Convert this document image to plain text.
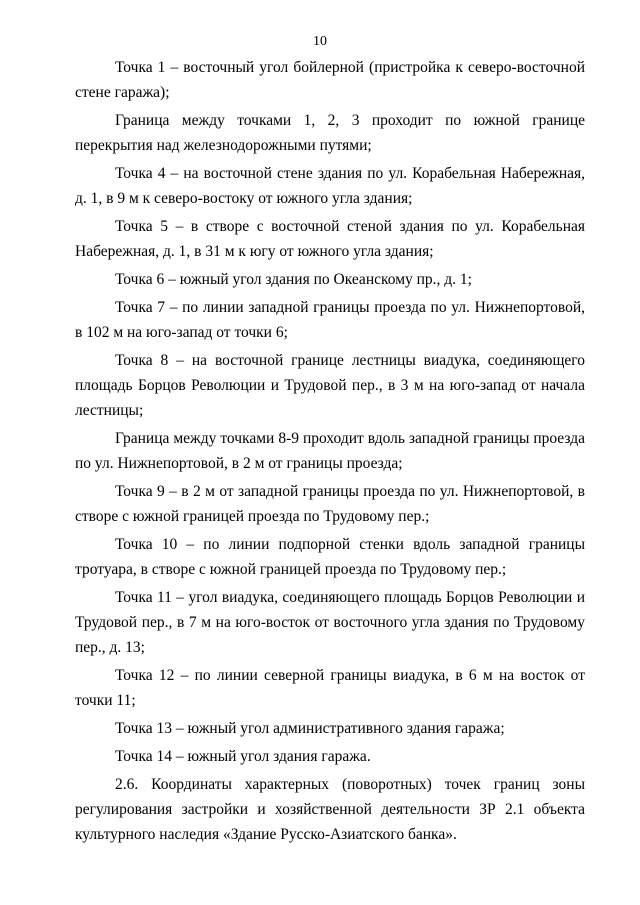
10

Точка 1 – восточный угол бойлерной (пристройка к северо-восточной стене гаража);

Граница между точками 1, 2, 3 проходит по южной границе перекрытия над железнодорожными путями;

Точка 4 – на восточной стене здания по ул. Корабельная Набережная, д. 1, в 9 м к северо-востоку от южного угла здания;

Точка 5 – в створе с восточной стеной здания по ул. Корабельная Набережная, д. 1, в 31 м к югу от южного угла здания;

Точка 6 – южный угол здания по Океанскому пр., д. 1;

Точка 7 – по линии западной границы проезда по ул. Нижнепортовой, в 102 м на юго-запад от точки 6;

Точка 8 – на восточной границе лестницы виадука, соединяющего площадь Борцов Революции и Трудовой пер., в 3 м на юго-запад от начала лестницы;

Граница между точками 8-9 проходит вдоль западной границы проезда по ул. Нижнепортовой, в 2 м от границы проезда;

Точка 9 – в 2 м от западной границы проезда по ул. Нижнепортовой, в створе с южной границей проезда по Трудовому пер.;

Точка 10 – по линии подпорной стенки вдоль западной границы тротуара, в створе с южной границей проезда по Трудовому пер.;

Точка 11 – угол виадука, соединяющего площадь Борцов Революции и Трудовой пер., в 7 м на юго-восток от восточного угла здания по Трудовому пер., д. 13;

Точка 12 – по линии северной границы виадука, в 6 м на восток от точки 11;

Точка 13 – южный угол административного здания гаража;

Точка 14 – южный угол здания гаража.

2.6. Координаты характерных (поворотных) точек границ зоны регулирования застройки и хозяйственной деятельности ЗР 2.1 объекта культурного наследия «Здание Русско-Азиатского банка».
